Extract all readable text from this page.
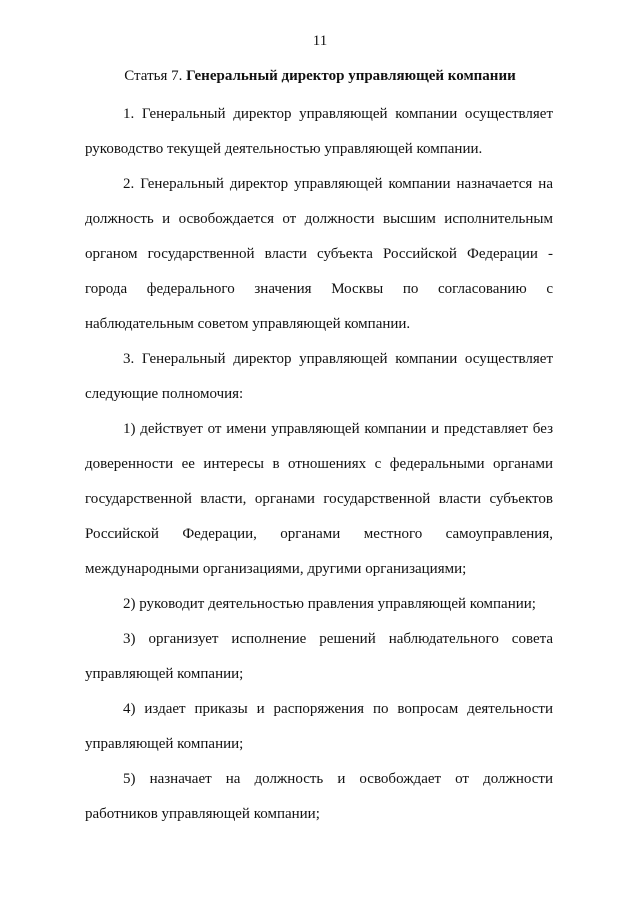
11
Статья 7. Генеральный директор управляющей компании

1. Генеральный директор управляющей компании осуществляет руководство текущей деятельностью управляющей компании.

2. Генеральный директор управляющей компании назначается на должность и освобождается от должности высшим исполнительным органом государственной власти субъекта Российской Федерации - города федерального значения Москвы по согласованию с наблюдательным советом управляющей компании.

3. Генеральный директор управляющей компании осуществляет следующие полномочия:

1) действует от имени управляющей компании и представляет без доверенности ее интересы в отношениях с федеральными органами государственной власти, органами государственной власти субъектов Российской Федерации, органами местного самоуправления, международными организациями, другими организациями;

2) руководит деятельностью правления управляющей компании;

3) организует исполнение решений наблюдательного совета управляющей компании;

4) издает приказы и распоряжения по вопросам деятельности управляющей компании;

5) назначает на должность и освобождает от должности работников управляющей компании;
